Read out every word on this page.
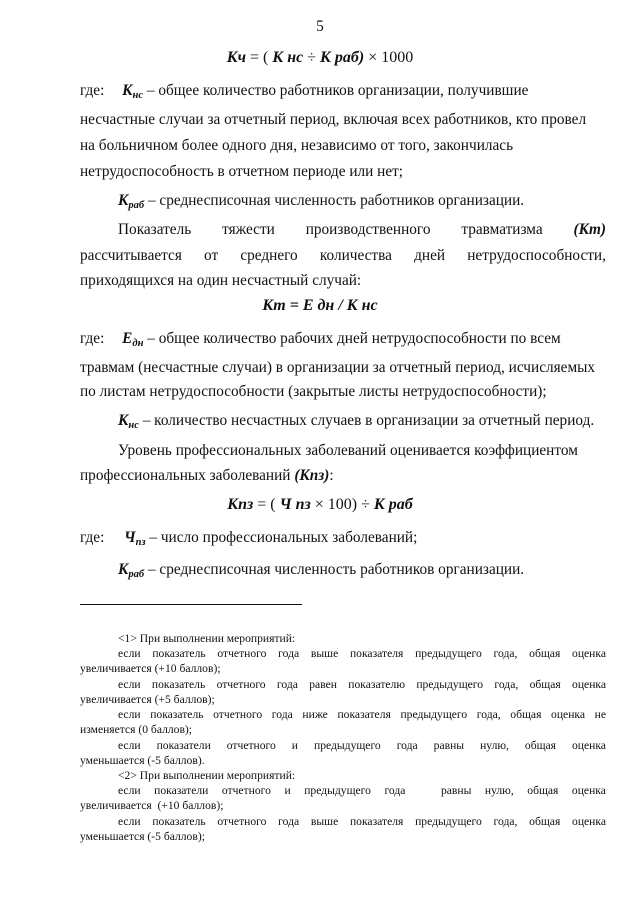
5
Кч = ( К нс ÷ К раб) × 1000
где: $К_{нс}$ – общее количество работников организации, получившие
несчастные случаи за отчетный период, включая всех работников, кто провел
на больничном более одного дня, независимо от того, закончилась
нетрудоспособность в отчетном периоде или нет;
$К_{раб}$ – среднесписочная численность работников организации.
Показатель тяжести производственного травматизма (Кт)
рассчитывается от среднего количества дней нетрудоспособности,
приходящихся на один несчастный случай:
Кт = Е дн / К нс
где: $Е_{дн}$ – общее количество рабочих дней нетрудоспособности по всем
травмам (несчастные случаи) в организации за отчетный период, исчисляемых
по листам нетрудоспособности (закрытые листы нетрудоспособности);
$К_{нс}$ – количество несчастных случаев в организации за отчетный период.
Уровень профессиональных заболеваний оценивается коэффициентом
профессиональных заболеваний (Кпз):
Кпз = ( Ч пз × 100) ÷ К раб
где: $Ч_{пз}$ – число профессиональных заболеваний;
$К_{раб}$ – среднесписочная численность работников организации.
<1> При выполнении мероприятий:
если показатель отчетного года выше показателя предыдущего года, общая оценка
увеличивается (+10 баллов);
если показатель отчетного года равен показателю предыдущего года, общая оценка
увеличивается (+5 баллов);
если показатель отчетного года ниже показателя предыдущего года, общая оценка не
изменяется (0 баллов);
если показатели отчетного и предыдущего года равны нулю, общая оценка
уменьшается (-5 баллов).
<2> При выполнении мероприятий:
если показатели отчетного и предыдущего года	равны нулю, общая оценка
увеличивается  (+10 баллов);
если показатель отчетного года выше показателя предыдущего года, общая оценка
уменьшается (-5 баллов);
